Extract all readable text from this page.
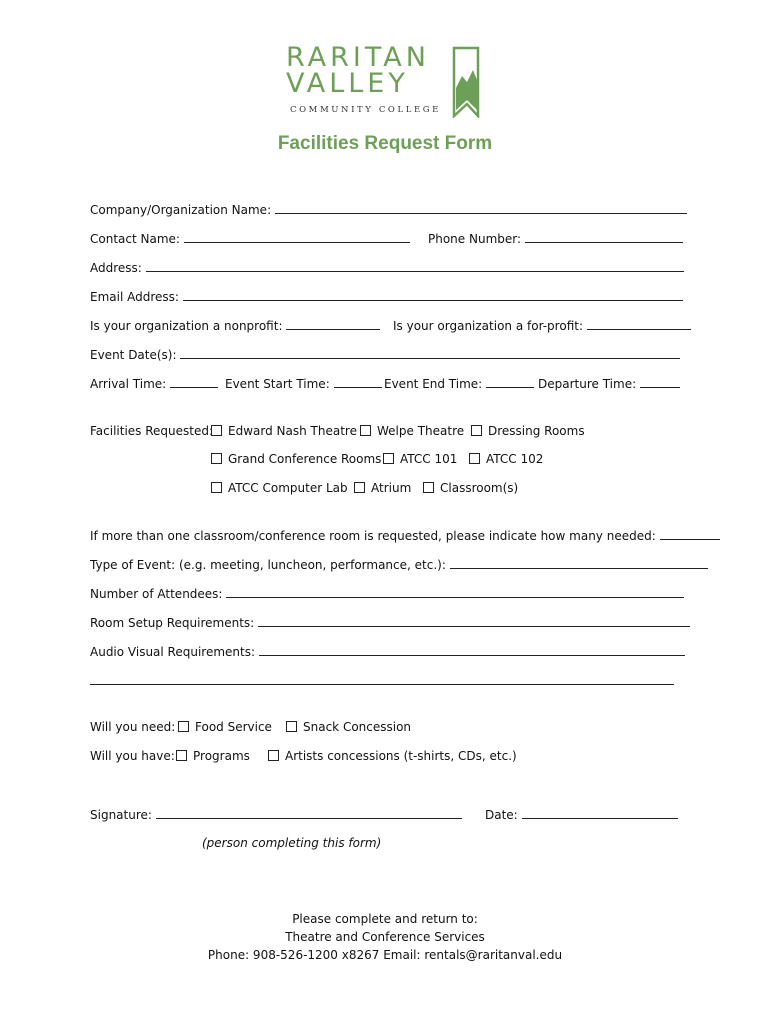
RARITAN
VALLEY
COMMUNITY COLLEGE
Facilities Request Form
Company/Organization Name:
Contact Name:	Phone Number:
Address:
Email Address:
Is your organization a nonprofit:	Is your organization a for-profit:
Event Date(s):
Arrival Time:	Event Start Time:	Event End Time:	Departure Time:
Facilities Requested:	Edward Nash Theatre	Welpe Theatre	Dressing Rooms
Grand Conference Rooms	ATCC 101	ATCC 102
ATCC Computer Lab	Atrium	Classroom(s)
If more than one classroom/conference room is requested, please indicate how many needed:
Type of Event: (e.g. meeting, luncheon, performance, etc.):
Number of Attendees:
Room Setup Requirements:
Audio Visual Requirements:
Will you need:	Food Service	Snack Concession
Will you have:	Programs	Artists concessions (t-shirts, CDs, etc.)
Signature:	Date:
(person completing this form)
Please complete and return to:
Theatre and Conference Services
Phone: 908-526-1200 x8267 Email: rentals@raritanval.edu
